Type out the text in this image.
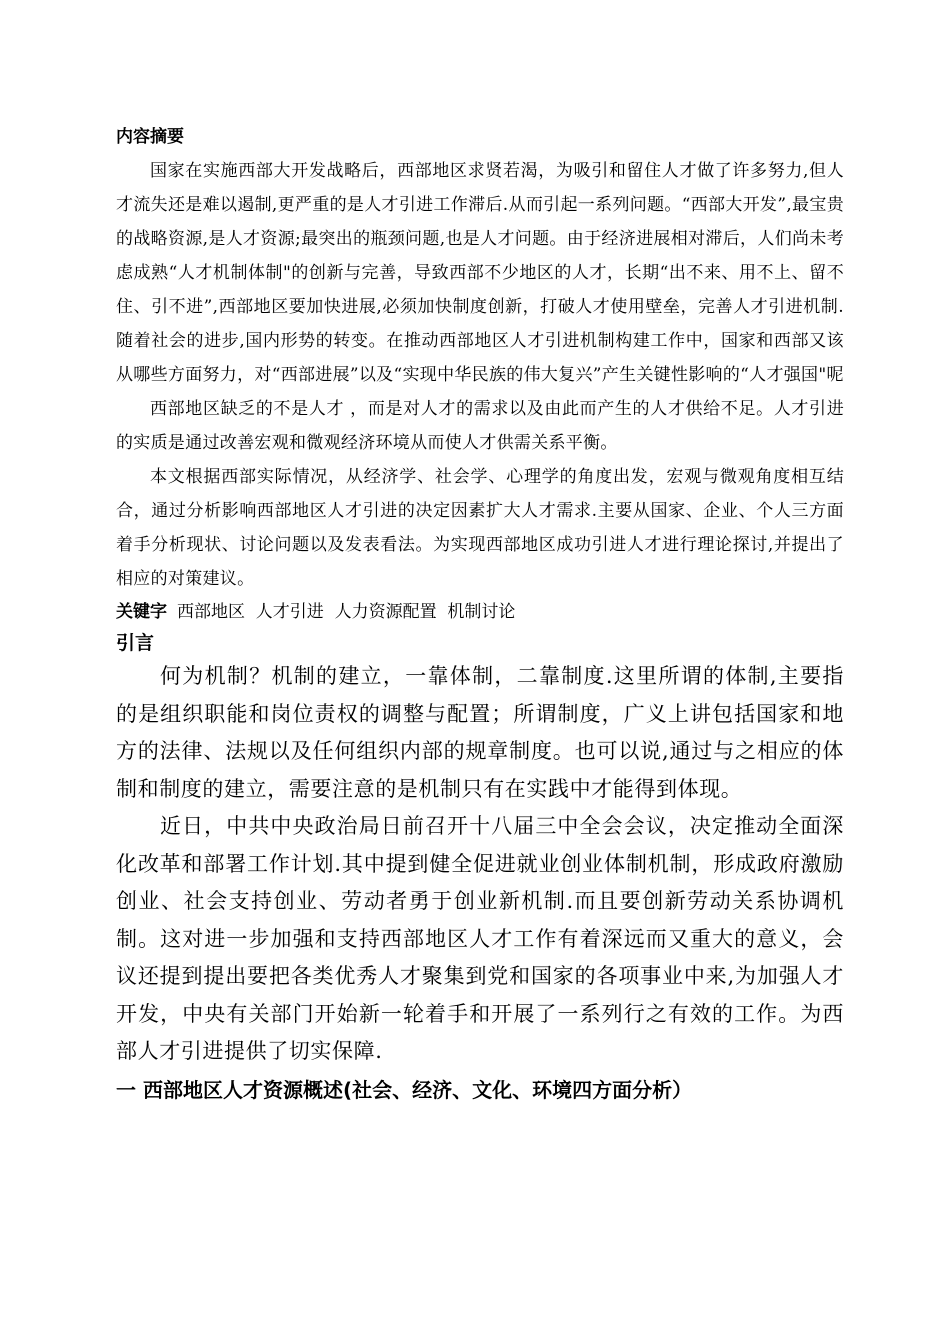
内容摘要

国家在实施西部大开发战略后，西部地区求贤若渴，为吸引和留住人才做了许多努力,但人才流失还是难以遏制,更严重的是人才引进工作滞后.从而引起一系列问题。“西部大开发”,最宝贵的战略资源,是人才资源;最突出的瓶颈问题,也是人才问题。由于经济进展相对滞后，人们尚未考虑成熟“人才机制体制"的创新与完善，导致西部不少地区的人才，长期“出不来、用不上、留不住、引不进”,西部地区要加快进展,必须加快制度创新，打破人才使用壁垒，完善人才引进机制.随着社会的进步,国内形势的转变。在推动西部地区人才引进机制构建工作中，国家和西部又该从哪些方面努力，对“西部进展”以及“实现中华民族的伟大复兴”产生关键性影响的“人才强国"呢

西部地区缺乏的不是人才 ，而是对人才的需求以及由此而产生的人才供给不足。人才引进的实质是通过改善宏观和微观经济环境从而使人才供需关系平衡。

本文根据西部实际情况，从经济学、社会学、心理学的角度出发，宏观与微观角度相互结合，通过分析影响西部地区人才引进的决定因素扩大人才需求.主要从国家、企业、个人三方面着手分析现状、讨论问题以及发表看法。为实现西部地区成功引进人才进行理论探讨,并提出了相应的对策建议。

关键字 西部地区  人才引进  人力资源配置  机制讨论

引言

何为机制？机制的建立，一靠体制，二靠制度.这里所谓的体制,主要指的是组织职能和岗位责权的调整与配置；所谓制度，广义上讲包括国家和地方的法律、法规以及任何组织内部的规章制度。也可以说,通过与之相应的体制和制度的建立，需要注意的是机制只有在实践中才能得到体现。

近日，中共中央政治局日前召开十八届三中全会会议，决定推动全面深化改革和部署工作计划.其中提到健全促进就业创业体制机制，形成政府激励创业、社会支持创业、劳动者勇于创业新机制.而且要创新劳动关系协调机制。这对进一步加强和支持西部地区人才工作有着深远而又重大的意义，会议还提到提出要把各类优秀人才聚集到党和国家的各项事业中来,为加强人才开发，中央有关部门开始新一轮着手和开展了一系列行之有效的工作。为西部人才引进提供了切实保障.

一 西部地区人才资源概述(社会、经济、文化、环境四方面分析）
